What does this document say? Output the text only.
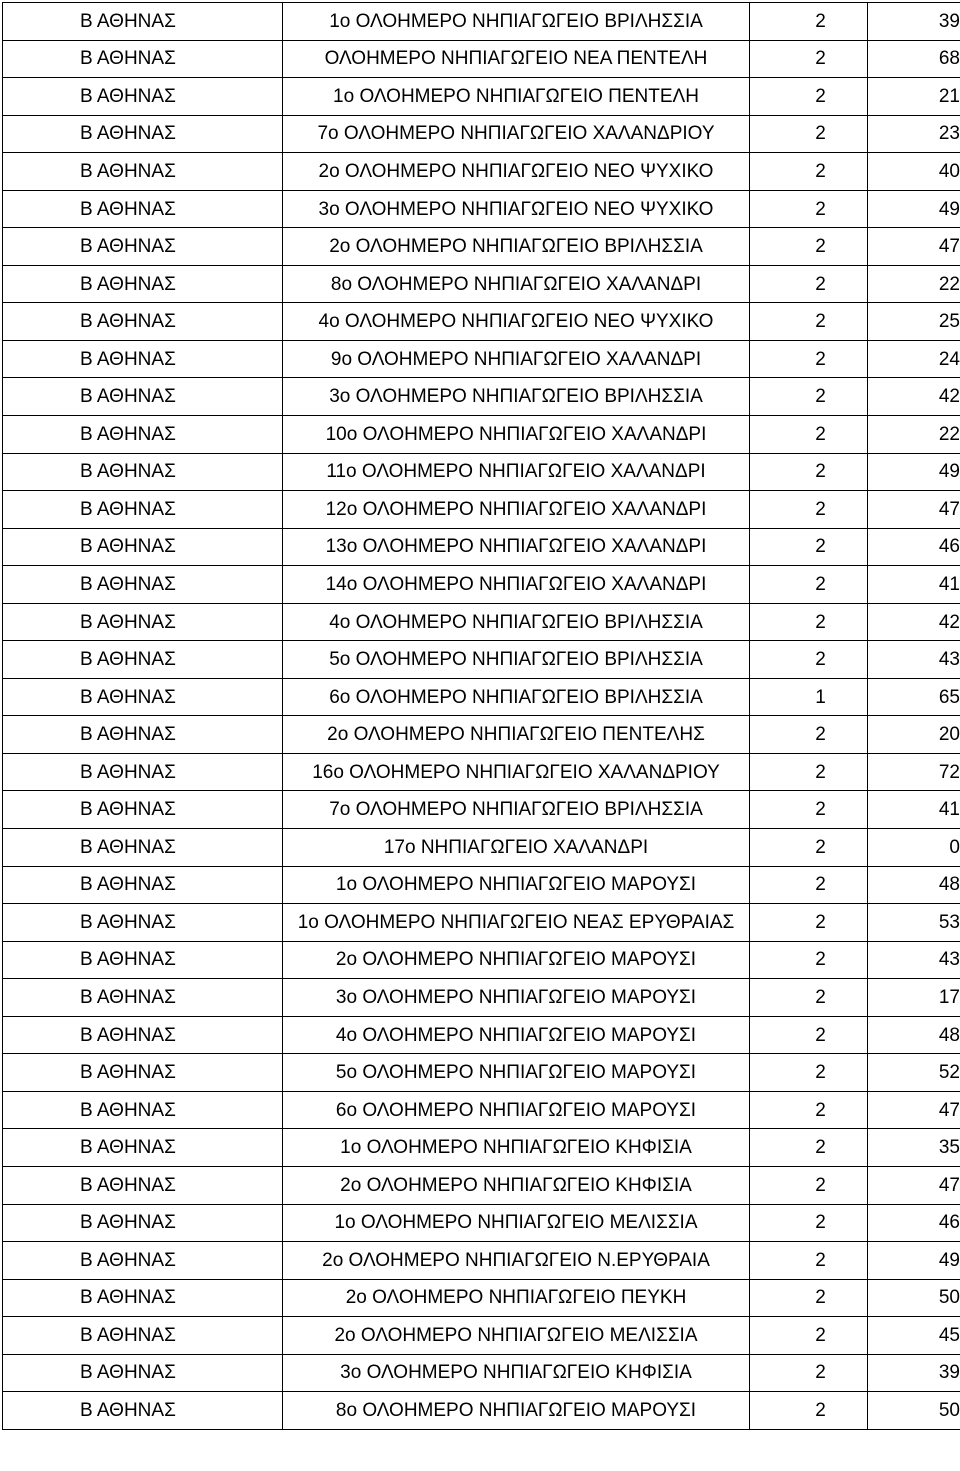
Β ΑΘΗΝΑΣ	1ο ΟΛΟΗΜΕΡΟ ΝΗΠΙΑΓΩΓΕΙΟ ΒΡΙΛΗΣΣΙΑ	2	39
Β ΑΘΗΝΑΣ	ΟΛΟΗΜΕΡΟ ΝΗΠΙΑΓΩΓΕΙΟ ΝΕΑ ΠΕΝΤΕΛΗ	2	68
Β ΑΘΗΝΑΣ	1ο ΟΛΟΗΜΕΡΟ ΝΗΠΙΑΓΩΓΕΙΟ ΠΕΝΤΕΛΗ	2	21
Β ΑΘΗΝΑΣ	7ο ΟΛΟΗΜΕΡΟ ΝΗΠΙΑΓΩΓΕΙΟ ΧΑΛΑΝΔΡΙΟΥ	2	23
Β ΑΘΗΝΑΣ	2ο ΟΛΟΗΜΕΡΟ ΝΗΠΙΑΓΩΓΕΙΟ ΝΕΟ ΨΥΧΙΚΟ	2	40
Β ΑΘΗΝΑΣ	3ο ΟΛΟΗΜΕΡΟ ΝΗΠΙΑΓΩΓΕΙΟ ΝΕΟ ΨΥΧΙΚΟ	2	49
Β ΑΘΗΝΑΣ	2ο ΟΛΟΗΜΕΡΟ ΝΗΠΙΑΓΩΓΕΙΟ ΒΡΙΛΗΣΣΙΑ	2	47
Β ΑΘΗΝΑΣ	8ο ΟΛΟΗΜΕΡΟ ΝΗΠΙΑΓΩΓΕΙΟ ΧΑΛΑΝΔΡΙ	2	22
Β ΑΘΗΝΑΣ	4ο ΟΛΟΗΜΕΡΟ ΝΗΠΙΑΓΩΓΕΙΟ ΝΕΟ ΨΥΧΙΚΟ	2	25
Β ΑΘΗΝΑΣ	9ο ΟΛΟΗΜΕΡΟ ΝΗΠΙΑΓΩΓΕΙΟ ΧΑΛΑΝΔΡΙ	2	24
Β ΑΘΗΝΑΣ	3ο ΟΛΟΗΜΕΡΟ ΝΗΠΙΑΓΩΓΕΙΟ ΒΡΙΛΗΣΣΙΑ	2	42
Β ΑΘΗΝΑΣ	10ο ΟΛΟΗΜΕΡΟ ΝΗΠΙΑΓΩΓΕΙΟ ΧΑΛΑΝΔΡΙ	2	22
Β ΑΘΗΝΑΣ	11ο ΟΛΟΗΜΕΡΟ ΝΗΠΙΑΓΩΓΕΙΟ ΧΑΛΑΝΔΡΙ	2	49
Β ΑΘΗΝΑΣ	12ο ΟΛΟΗΜΕΡΟ ΝΗΠΙΑΓΩΓΕΙΟ ΧΑΛΑΝΔΡΙ	2	47
Β ΑΘΗΝΑΣ	13ο ΟΛΟΗΜΕΡΟ ΝΗΠΙΑΓΩΓΕΙΟ ΧΑΛΑΝΔΡΙ	2	46
Β ΑΘΗΝΑΣ	14ο ΟΛΟΗΜΕΡΟ ΝΗΠΙΑΓΩΓΕΙΟ ΧΑΛΑΝΔΡΙ	2	41
Β ΑΘΗΝΑΣ	4ο ΟΛΟΗΜΕΡΟ ΝΗΠΙΑΓΩΓΕΙΟ ΒΡΙΛΗΣΣΙΑ	2	42
Β ΑΘΗΝΑΣ	5ο ΟΛΟΗΜΕΡΟ ΝΗΠΙΑΓΩΓΕΙΟ ΒΡΙΛΗΣΣΙΑ	2	43
Β ΑΘΗΝΑΣ	6ο ΟΛΟΗΜΕΡΟ ΝΗΠΙΑΓΩΓΕΙΟ ΒΡΙΛΗΣΣΙΑ	1	65
Β ΑΘΗΝΑΣ	2ο ΟΛΟΗΜΕΡΟ ΝΗΠΙΑΓΩΓΕΙΟ ΠΕΝΤΕΛΗΣ	2	20
Β ΑΘΗΝΑΣ	16ο ΟΛΟΗΜΕΡΟ ΝΗΠΙΑΓΩΓΕΙΟ ΧΑΛΑΝΔΡΙΟΥ	2	72
Β ΑΘΗΝΑΣ	7ο ΟΛΟΗΜΕΡΟ ΝΗΠΙΑΓΩΓΕΙΟ ΒΡΙΛΗΣΣΙΑ	2	41
Β ΑΘΗΝΑΣ	17ο ΝΗΠΙΑΓΩΓΕΙΟ ΧΑΛΑΝΔΡΙ	2	0
Β ΑΘΗΝΑΣ	1ο ΟΛΟΗΜΕΡΟ ΝΗΠΙΑΓΩΓΕΙΟ ΜΑΡΟΥΣΙ	2	48
Β ΑΘΗΝΑΣ	1ο ΟΛΟΗΜΕΡΟ ΝΗΠΙΑΓΩΓΕΙΟ ΝΕΑΣ ΕΡΥΘΡΑΙΑΣ	2	53
Β ΑΘΗΝΑΣ	2ο ΟΛΟΗΜΕΡΟ ΝΗΠΙΑΓΩΓΕΙΟ ΜΑΡΟΥΣΙ	2	43
Β ΑΘΗΝΑΣ	3ο ΟΛΟΗΜΕΡΟ ΝΗΠΙΑΓΩΓΕΙΟ ΜΑΡΟΥΣΙ	2	17
Β ΑΘΗΝΑΣ	4ο ΟΛΟΗΜΕΡΟ ΝΗΠΙΑΓΩΓΕΙΟ ΜΑΡΟΥΣΙ	2	48
Β ΑΘΗΝΑΣ	5ο ΟΛΟΗΜΕΡΟ ΝΗΠΙΑΓΩΓΕΙΟ ΜΑΡΟΥΣΙ	2	52
Β ΑΘΗΝΑΣ	6ο ΟΛΟΗΜΕΡΟ ΝΗΠΙΑΓΩΓΕΙΟ ΜΑΡΟΥΣΙ	2	47
Β ΑΘΗΝΑΣ	1ο ΟΛΟΗΜΕΡΟ ΝΗΠΙΑΓΩΓΕΙΟ ΚΗΦΙΣΙΑ	2	35
Β ΑΘΗΝΑΣ	2ο ΟΛΟΗΜΕΡΟ ΝΗΠΙΑΓΩΓΕΙΟ ΚΗΦΙΣΙΑ	2	47
Β ΑΘΗΝΑΣ	1ο ΟΛΟΗΜΕΡΟ ΝΗΠΙΑΓΩΓΕΙΟ ΜΕΛΙΣΣΙΑ	2	46
Β ΑΘΗΝΑΣ	2ο ΟΛΟΗΜΕΡΟ ΝΗΠΙΑΓΩΓΕΙΟ Ν.ΕΡΥΘΡΑΙΑ	2	49
Β ΑΘΗΝΑΣ	2ο ΟΛΟΗΜΕΡΟ ΝΗΠΙΑΓΩΓΕΙΟ ΠΕΥΚΗ	2	50
Β ΑΘΗΝΑΣ	2ο ΟΛΟΗΜΕΡΟ ΝΗΠΙΑΓΩΓΕΙΟ ΜΕΛΙΣΣΙΑ	2	45
Β ΑΘΗΝΑΣ	3ο ΟΛΟΗΜΕΡΟ ΝΗΠΙΑΓΩΓΕΙΟ ΚΗΦΙΣΙΑ	2	39
Β ΑΘΗΝΑΣ	8ο ΟΛΟΗΜΕΡΟ ΝΗΠΙΑΓΩΓΕΙΟ ΜΑΡΟΥΣΙ	2	50
